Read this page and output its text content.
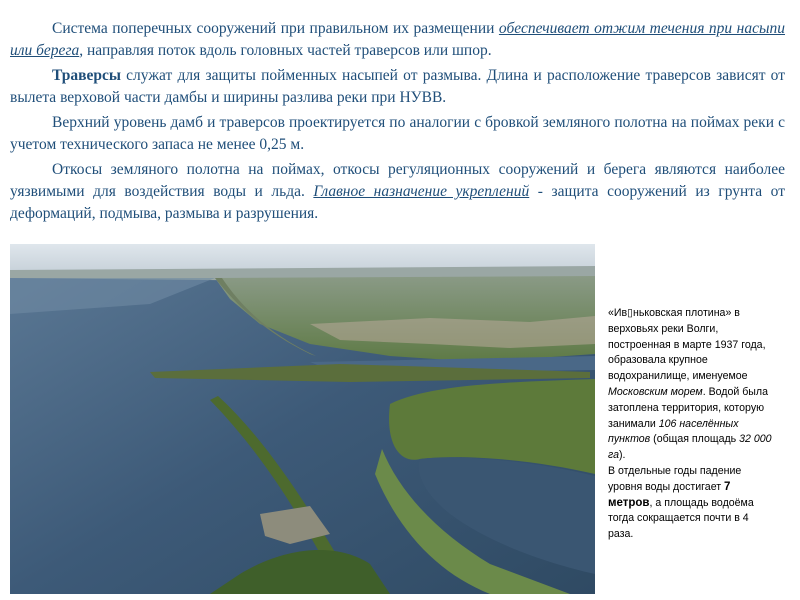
Система поперечных сооружений при правильном их размещении обеспечивает отжим течения при насыпи или берега, направляя поток вдоль головных частей траверсов или шпор.

Траверсы служат для защиты пойменных насыпей от размыва. Длина и расположение траверсов зависят от вылета верховой части дамбы и ширины разлива реки при НУВВ.

Верхний уровень дамб и траверсов проектируется по аналогии с бровкой земляного полотна на поймах реки с учетом технического запаса не менее 0,25 м.

Откосы земляного полотна на поймах, откосы регуляционных сооружений и берега являются наиболее уязвимыми для воздействия воды и льда. Главное назначение укреплений - защита сооружений из грунта от деформаций, подмыва, размыва и разрушения.

«Ив▯ньковская плотина» в верховьях реки Волги, построенная в марте 1937 года, образовала крупное водохранилище, именуемое Московским морем. Водой была затоплена территория, которую занимали 106 населённых пунктов (общая площадь 32 000 га).
В отдельные годы падение уровня воды достигает 7 метров, а площадь водоёма тогда сокращается почти в 4 раза.
